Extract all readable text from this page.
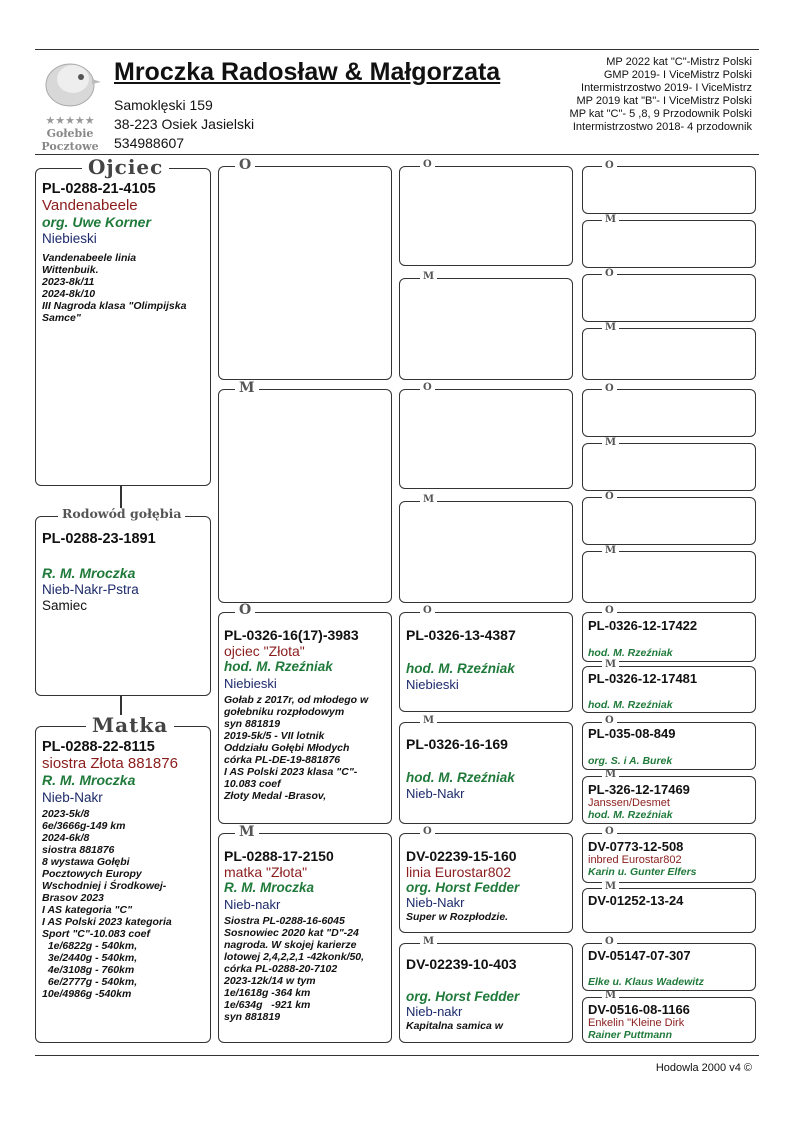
★★★★★
Gołebie
Pocztowe
Mroczka Radosław & Małgorzata
Samoklęski 159
38-223 Osiek Jasielski
534988607
MP 2022 kat "C"-Mistrz Polski
GMP 2019- I ViceMistrz Polski
Intermistrzostwo 2019- I ViceMistrz
MP 2019 kat "B"- I ViceMistrz Polski
MP kat "C"- 5 ,8, 9 Przodownik Polski
Intermistrzostwo 2018- 4 przodownik
PL-0288-21-4105
Vandenabeele
org. Uwe Korner
Niebieski
Vandenabeele linia
Wittenbuik.
2023-8k/11
2024-8k/10
III Nagroda klasa "Olimpijska
Samce"
Ojciec
PL-0288-23-1891
R. M. Mroczka
Nieb-Nakr-Pstra
Samiec
Rodowód gołębia
PL-0288-22-8115
siostra Złota 881876
R. M. Mroczka
Nieb-Nakr
2023-5k/8
6e/3666g-149 km
2024-6k/8
siostra 881876
8 wystawa Gołębi
Pocztowych Europy
Wschodniej i Środkowej-
Brasov 2023
I AS kategoria "C"
I AS Polski 2023 kategoria
Sport "C"-10.083 coef
1e/6822g - 540km,
3e/2440g - 540km,
4e/3108g - 760km
6e/2777g - 540km,
10e/4986g -540km
Matka
O
M
PL-0326-16(17)-3983
ojciec "Złota"
hod. M. Rzeźniak
Niebieski
Gołab z 2017r, od młodego w
gołebniku rozpłodowym
syn 881819
2019-5k/5 - VII lotnik
Oddziału Gołębi Młodych
córka PL-DE-19-881876
I AS Polski 2023 klasa "C"-
10.083 coef
Złoty Medal -Brasov,
O
PL-0288-17-2150
matka "Złota"
R. M. Mroczka
Nieb-nakr
Siostra PL-0288-16-6045
Sosnowiec 2020 kat "D"-24
nagroda. W skojej karierze
lotowej 2,4,2,2,1 -42konk/50,
córka PL-0288-20-7102
2023-12k/14 w tym
1e/1618g -364 km
1e/634g   -921 km
syn 881819
M
O
M
O
M
PL-0326-13-4387
hod. M. Rzeźniak
Niebieski
O
PL-0326-16-169
hod. M. Rzeźniak
Nieb-Nakr
M
DV-02239-15-160
linia Eurostar802
org. Horst Fedder
Nieb-Nakr
Super w Rozpłodzie.
O
DV-02239-10-403
org. Horst Fedder
Nieb-nakr
Kapitalna samica w
M
O
M
O
M
O
M
O
M
PL-0326-12-17422
hod. M. Rzeźniak
O
PL-0326-12-17481
hod. M. Rzeźniak
M
PL-035-08-849
org. S. i A. Burek
O
PL-326-12-17469
Janssen/Desmet
hod. M. Rzeźniak
M
DV-0773-12-508
inbred Eurostar802
Karin u. Gunter Elfers
O
DV-01252-13-24
M
DV-05147-07-307
Elke u. Klaus Wadewitz
O
DV-0516-08-1166
Enkelin "Kleine Dirk
Rainer Puttmann
M
Hodowla 2000 v4 ©
